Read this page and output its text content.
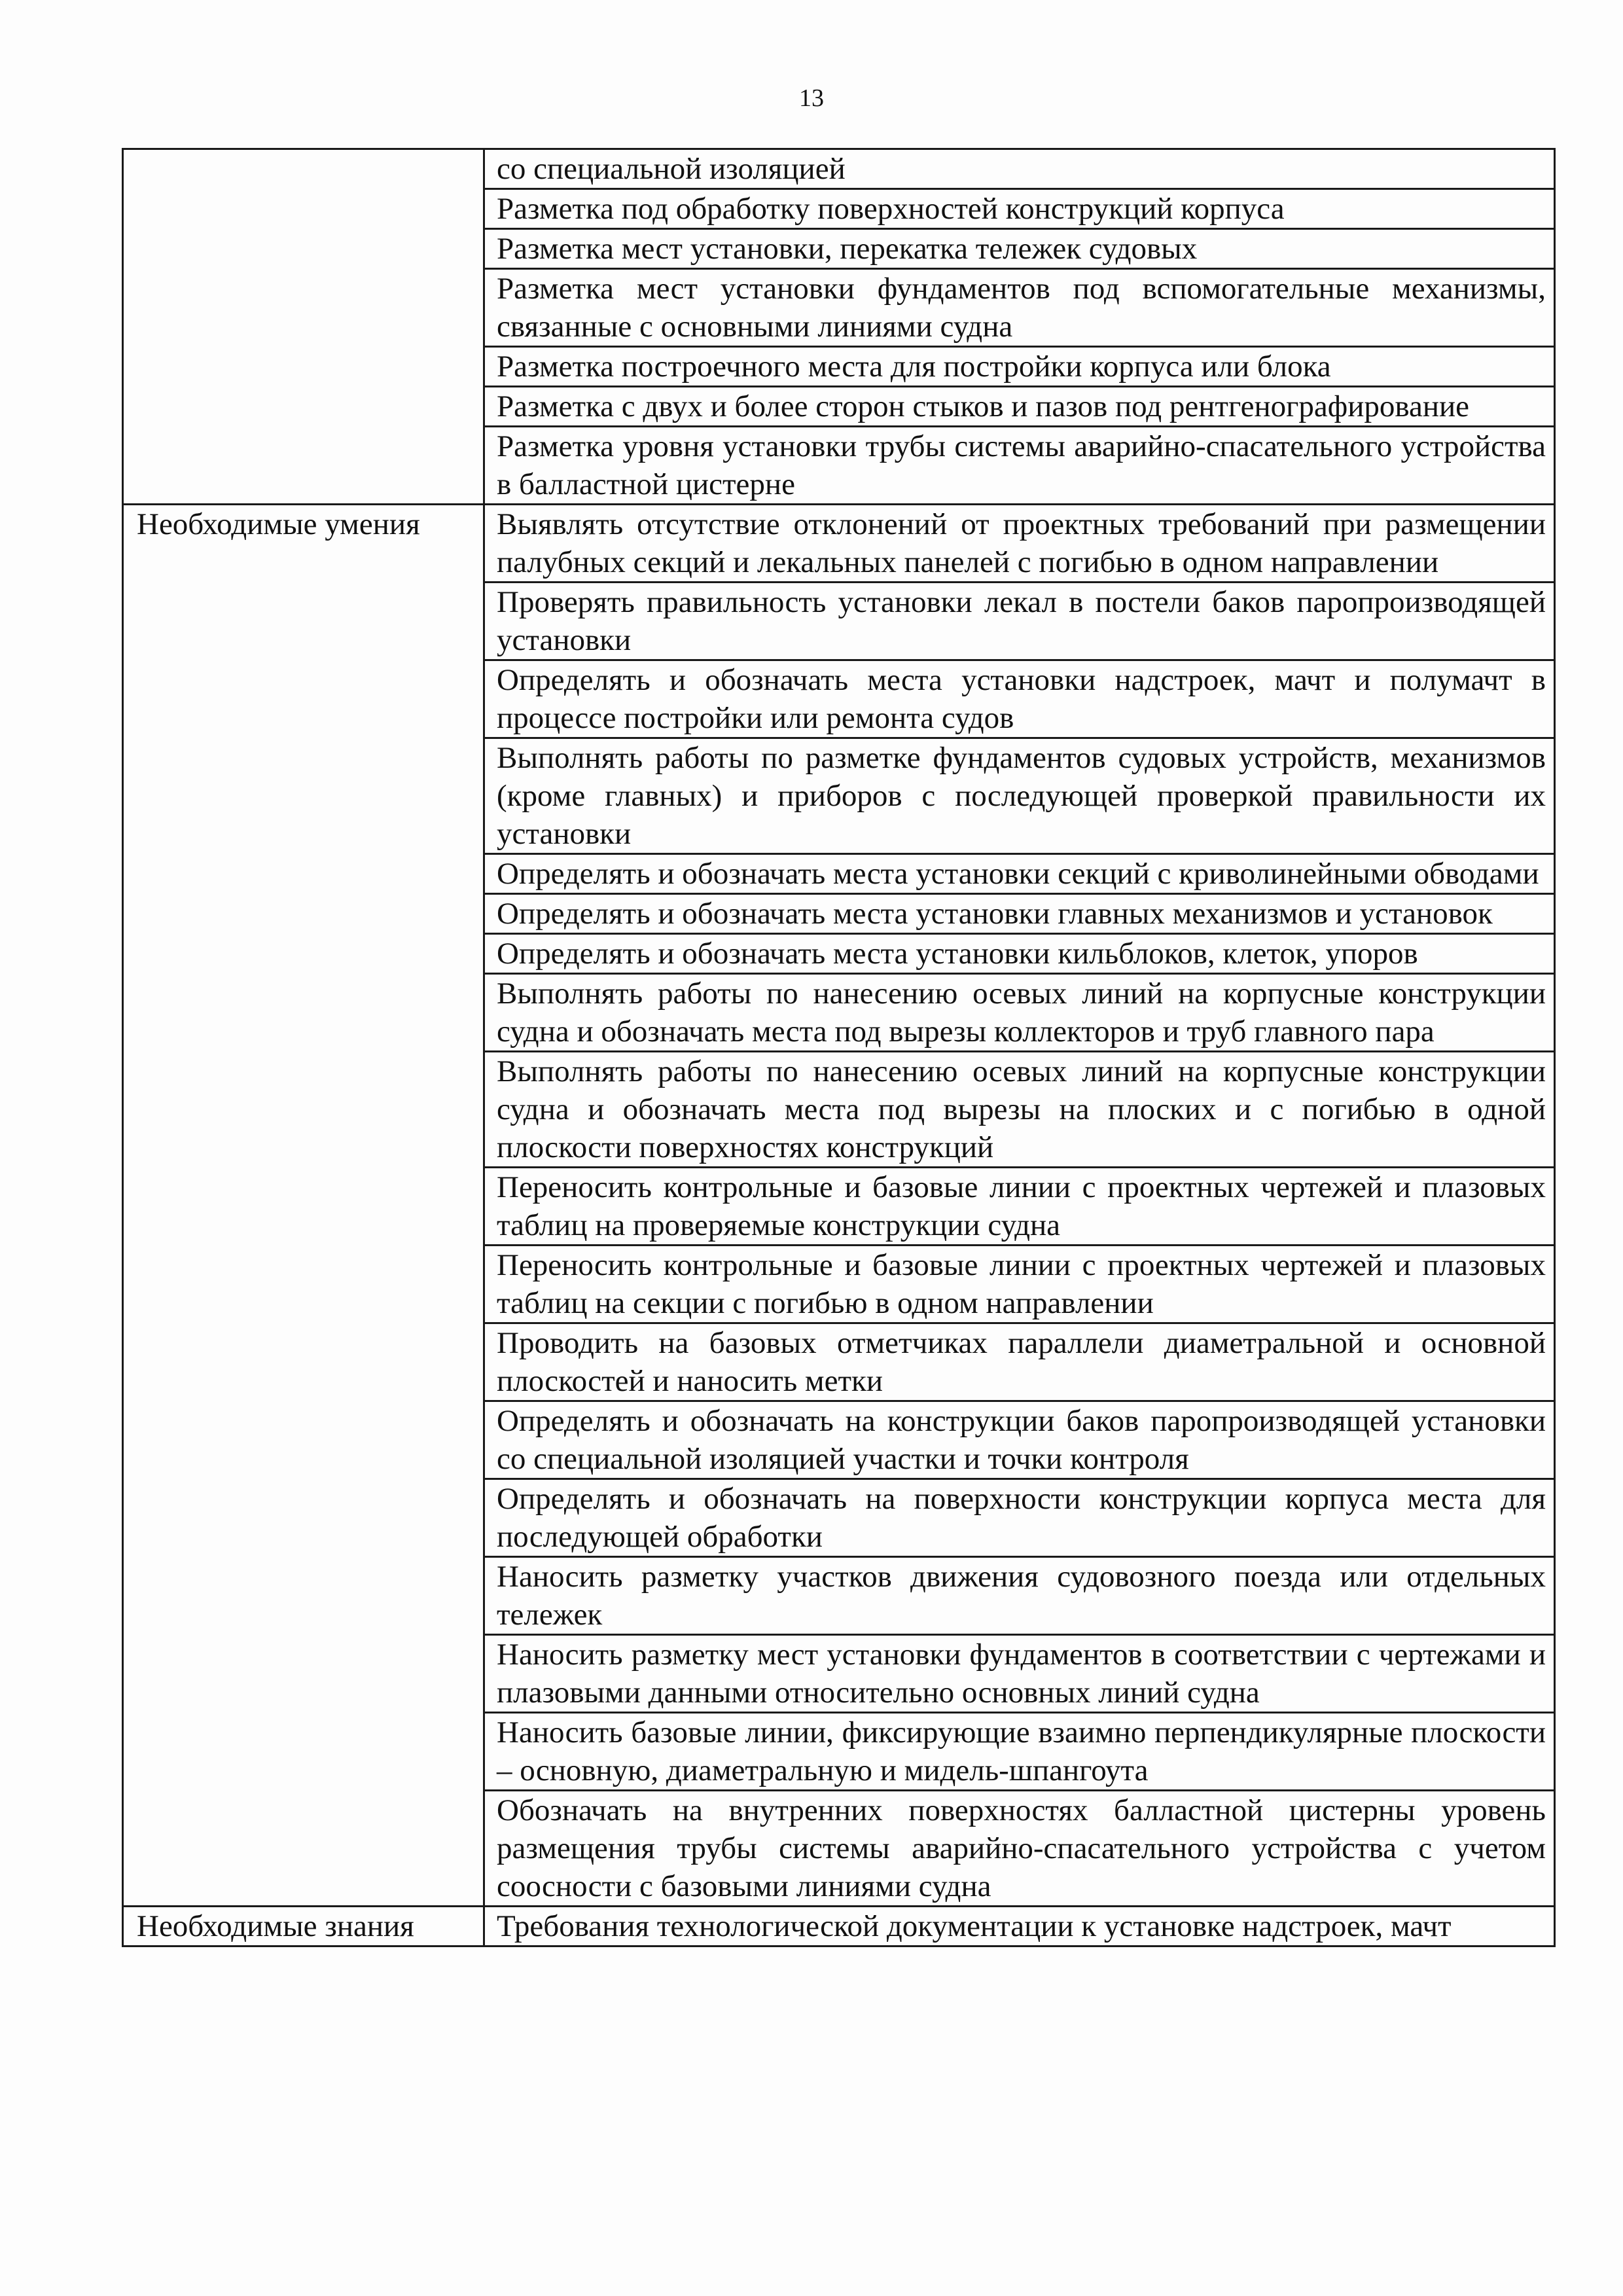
13
	со специальной изоляцией
	Разметка под обработку поверхностей конструкций корпуса
	Разметка мест установки, перекатка тележек судовых
	Разметка мест установки фундаментов под вспомогательные механизмы, связанные с основными линиями судна
	Разметка построечного места для постройки корпуса или блока
	Разметка с двух и более сторон стыков и пазов под рентгенографирование
	Разметка уровня установки трубы системы аварийно-спасательного устройства в балластной цистерне
Необходимые умения	Выявлять отсутствие отклонений от проектных требований при размещении палубных секций и лекальных панелей с погибью в одном направлении
	Проверять правильность установки лекал в постели баков паропроизводящей установки
	Определять и обозначать места установки надстроек, мачт и полумачт в процессе постройки или ремонта судов
	Выполнять работы по разметке фундаментов судовых устройств, механизмов (кроме главных) и приборов с последующей проверкой правильности их установки
	Определять и обозначать места установки секций с криволинейными обводами
	Определять и обозначать места установки главных механизмов и установок
	Определять и обозначать места установки кильблоков, клеток, упоров
	Выполнять работы по нанесению осевых линий на корпусные конструкции судна и обозначать места под вырезы коллекторов и труб главного пара
	Выполнять работы по нанесению осевых линий на корпусные конструкции судна и обозначать места под вырезы на плоских и с погибью в одной плоскости поверхностях конструкций
	Переносить контрольные и базовые линии с проектных чертежей и плазовых таблиц на проверяемые конструкции судна
	Переносить контрольные и базовые линии с проектных чертежей и плазовых таблиц на секции с погибью в одном направлении
	Проводить на базовых отметчиках параллели диаметральной и основной плоскостей и наносить метки
	Определять и обозначать на конструкции баков паропроизводящей установки со специальной изоляцией участки и точки контроля
	Определять и обозначать на поверхности конструкции корпуса места для последующей обработки
	Наносить разметку участков движения судовозного поезда или отдельных тележек
	Наносить разметку мест установки фундаментов в соответствии с чертежами и плазовыми данными относительно основных линий судна
	Наносить базовые линии, фиксирующие взаимно перпендикулярные плоскости – основную, диаметральную и мидель-шпангоута
	Обозначать на внутренних поверхностях балластной цистерны уровень размещения трубы системы аварийно-спасательного устройства с учетом соосности с базовыми линиями судна
Необходимые знания	Требования технологической документации к установке надстроек, мачт
